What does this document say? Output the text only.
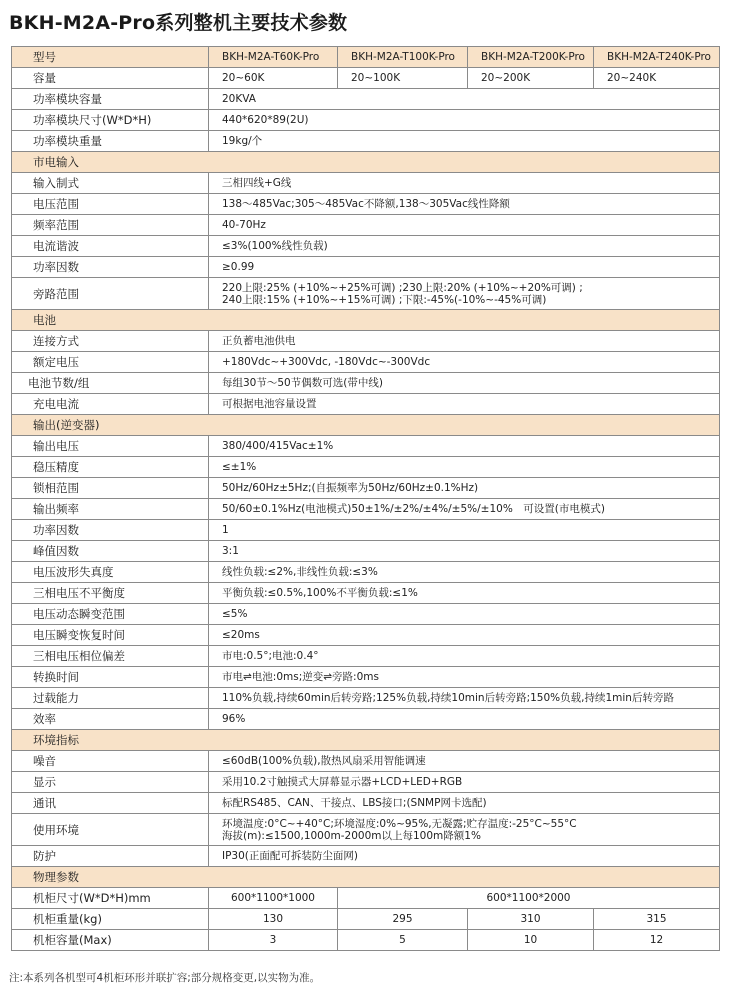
BKH-M2A-Pro系列整机主要技术参数
型号	BKH-M2A-T60K-Pro	BKH-M2A-T100K-Pro	BKH-M2A-T200K-Pro	BKH-M2A-T240K-Pro
容量	20~60K	20~100K	20~200K	20~240K
功率模块容量	20KVA			
功率模块尺寸(W*D*H)	440*620*89(2U)			
功率模块重量	19kg/个			
市电输入				
输入制式	三相四线+G线			
电压范围	138～485Vac;305～485Vac不降额,138～305Vac线性降额			
频率范围	40-70Hz			
电流谐波	≤3%(100%线性负载)			
功率因数	≥0.99			
旁路范围	220上限:25% (+10%~+25%可调) ;230上限:20% (+10%~+20%可调) ;
240上限:15% (+10%~+15%可调) ;下限:-45%(-10%~-45%可调)			

电池				
连接方式	正负蓄电池供电			
额定电压	+180Vdc~+300Vdc, -180Vdc~-300Vdc			
电池节数/组	每组30节～50节偶数可选(带中线)			
充电电流	可根据电池容量设置			
输出(逆变器)				
输出电压	380/400/415Vac±1%			
稳压精度	≤±1%			
锁相范围	50Hz/60Hz±5Hz;(自振频率为50Hz/60Hz±0.1%Hz)			
输出频率	50/60±0.1%Hz(电池模式)50±1%/±2%/±4%/±5%/±10%　可设置(市电模式)			
功率因数	1			
峰值因数	3:1			
电压波形失真度	线性负载:≤2%,非线性负载:≤3%			
三相电压不平衡度	平衡负载:≤0.5%,100%不平衡负载:≤1%			
电压动态瞬变范围	≤5%			
电压瞬变恢复时间	≤20ms			
三相电压相位偏差	市电:0.5°;电池:0.4°			
转换时间	市电⇌电池:0ms;逆变⇌旁路:0ms			
过载能力	110%负载,持续60min后转旁路;125%负载,持续10min后转旁路;150%负载,持续1min后转旁路			
效率	96%			
环境指标				
噪音	≤60dB(100%负载),散热风扇采用智能调速			
显示	采用10.2寸触摸式大屏幕显示器+LCD+LED+RGB			
通讯	标配RS485、CAN、干接点、LBS接口;(SNMP网卡选配)			
使用环境	环境温度:0°C~+40°C;环境湿度:0%~95%,无凝露;贮存温度:-25°C~55°C
海拔(m):≤1500,1000m-2000m以上每100m降额1%			

防护	IP30(正面配可拆装防尘面网)			
物理参数				
机柜尺寸(W*D*H)mm	600*1100*1000	600*1100*2000		
机柜重量(kg)	130	295	310	315
机柜容量(Max)	3	5	10	12
注:本系列各机型可4机柜环形并联扩容;部分规格变更,以实物为准。
